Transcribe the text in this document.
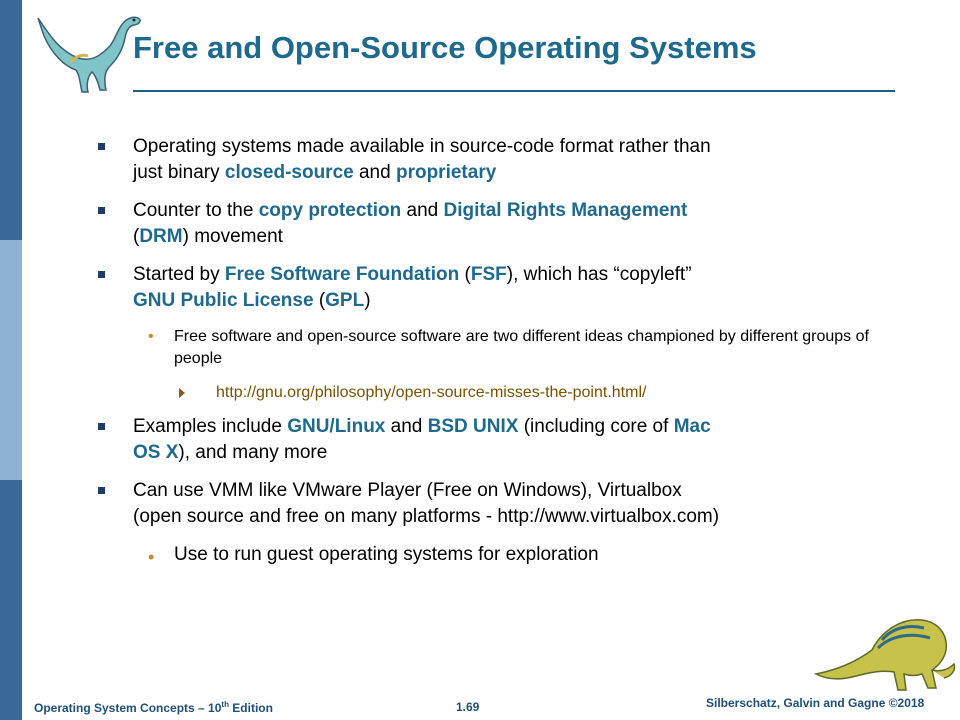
Free and Open-Source Operating Systems
Operating systems made available in source-code format rather than
just binary closed-source and proprietary
Counter to the copy protection and Digital Rights Management
(DRM) movement
Started by Free Software Foundation (FSF), which has “copyleft”
GNU Public License (GPL)
• Free software and open-source software are two different ideas championed by different groups of people
http://gnu.org/philosophy/open-source-misses-the-point.html/
Examples include GNU/Linux and BSD UNIX (including core of Mac
OS X), and many more
Can use VMM like VMware Player (Free on Windows), Virtualbox
(open source and free on many platforms - http://www.virtualbox.com)
• Use to run guest operating systems for exploration
Operating System Concepts – 10th Edition	1.69	Silberschatz, Galvin and Gagne ©2018
